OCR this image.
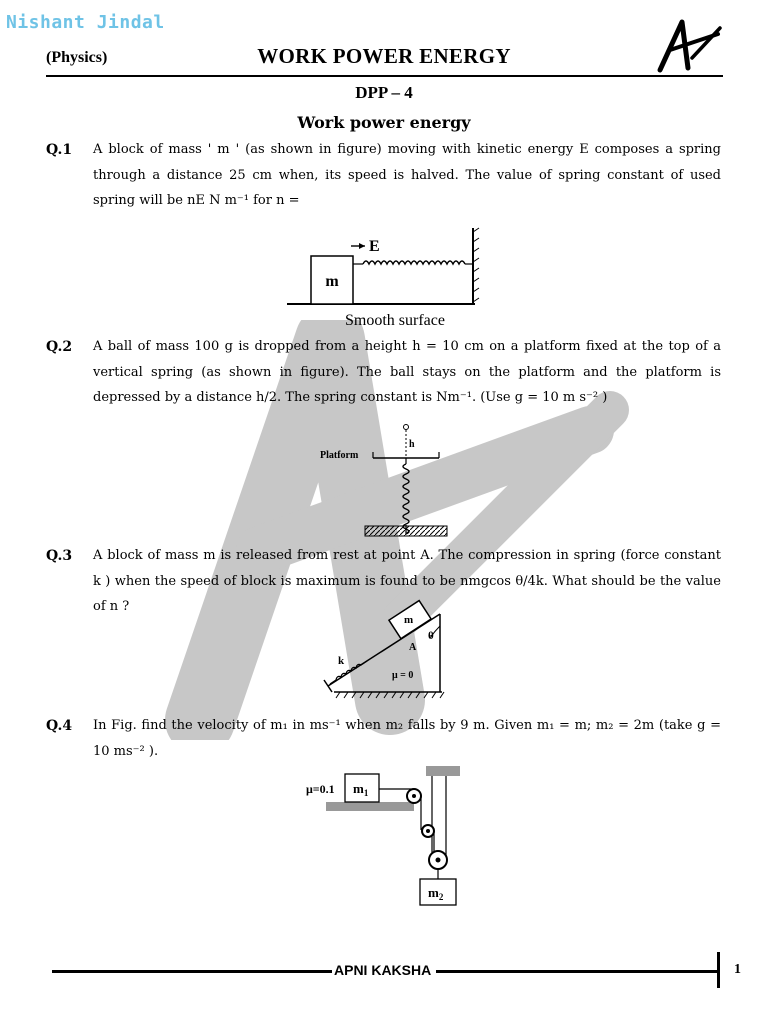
Nishant Jindal
(Physics)	WORK POWER ENERGY
DPP – 4
Work power energy
Q.1 A block of mass ' m ' (as shown in figure) moving with kinetic energy E composes a spring through a distance 25 cm when, its speed is halved. The value of spring constant of used spring will be nE N m⁻¹ for n =
m
E
Smooth surface
Q.2 A ball of mass 100 g is dropped from a height h = 10 cm on a platform fixed at the top of a vertical spring (as shown in figure). The ball stays on the platform and the platform is depressed by a distance h/2. The spring constant is Nm⁻¹. (Use g = 10 m s⁻² )
h
Platform
Q.3 A block of mass m is released from rest at point A. The compression in spring (force constant k ) when the speed of block is maximum is found to be nmgcos θ/4k. What should be the value of n ?
m
θ
A
k
μ = 0
Q.4 In Fig. find the velocity of m₁ in ms⁻¹ when m₂ falls by 9 m. Given m₁ = m; m₂ = 2m (take g = 10 ms⁻² ).
μ=0.1 $m_1$
$m_2$
APNI KAKSHA	1
